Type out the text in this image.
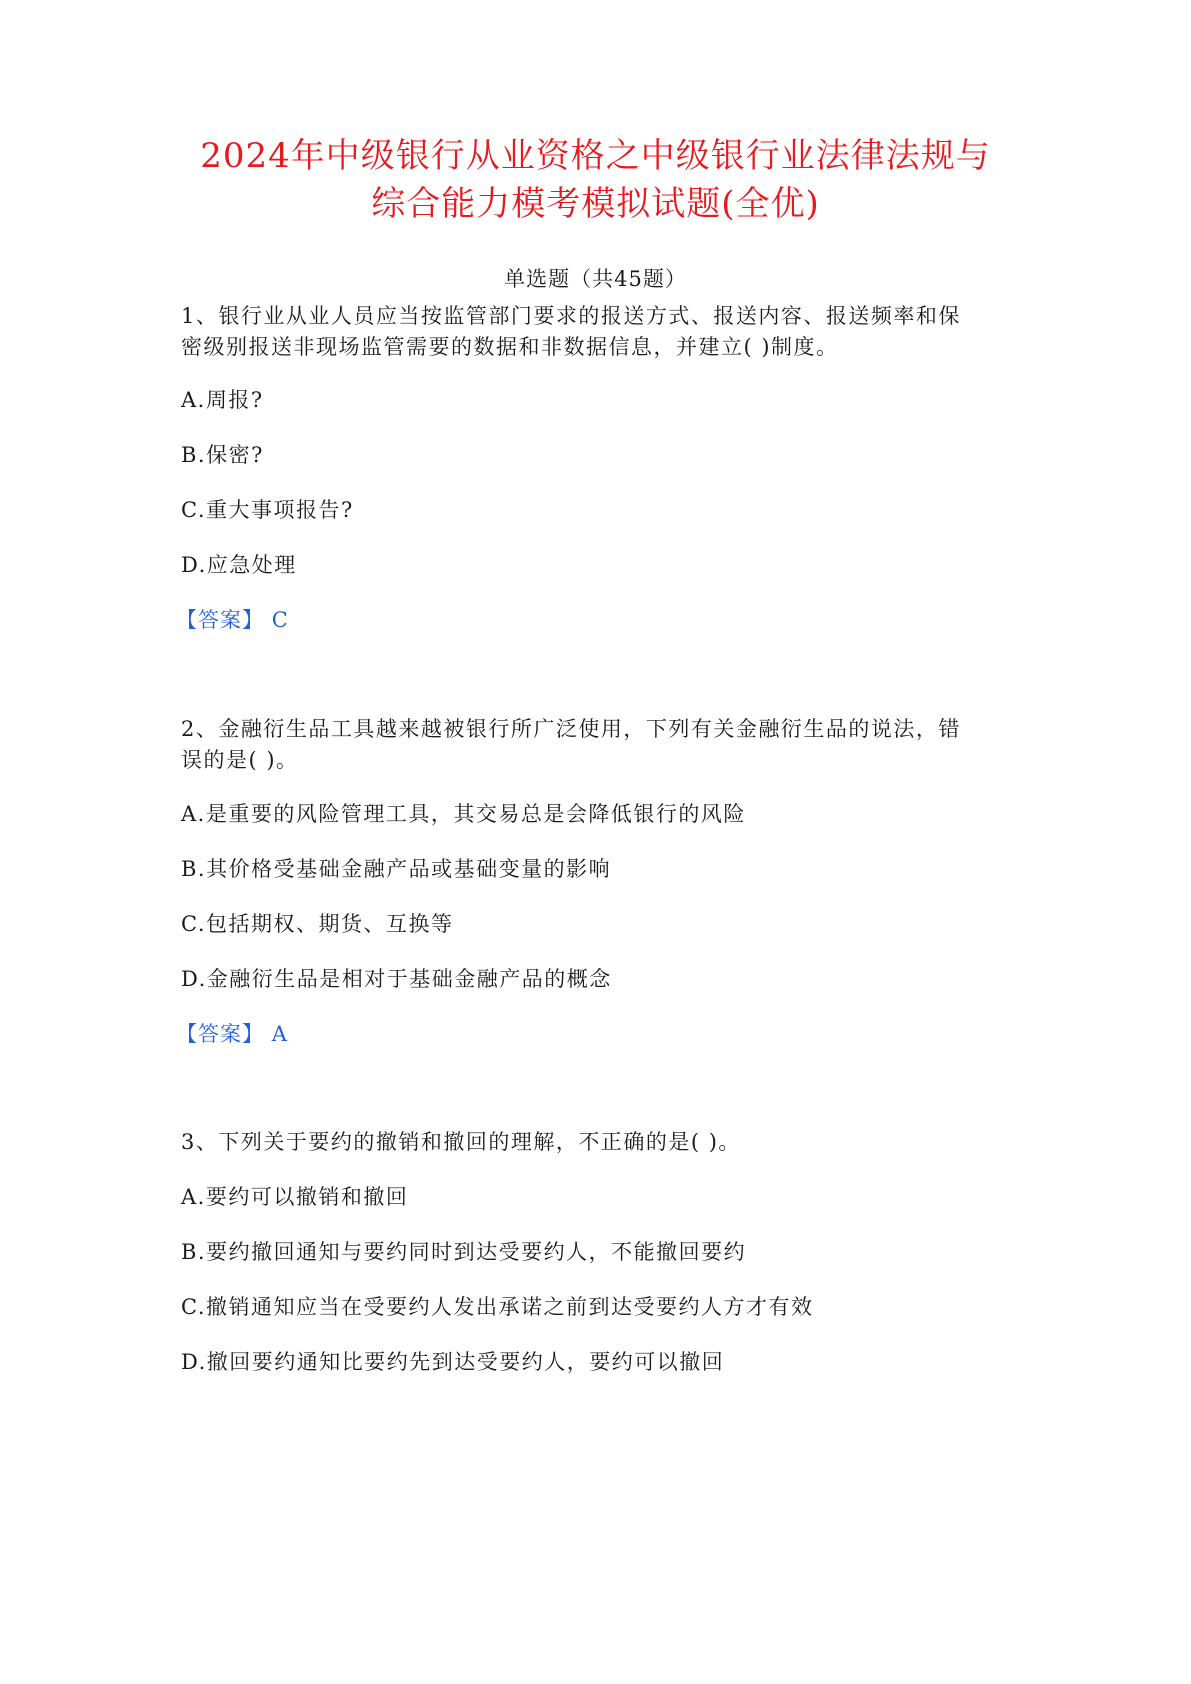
2024年中级银行从业资格之中级银行业法律法规与
综合能力模考模拟试题(全优)
单选题（共45题）
1、银行业从业人员应当按监管部门要求的报送方式、报送内容、报送频率和保
密级别报送非现场监管需要的数据和非数据信息，并建立( )制度。
A.周报?
B.保密?
C.重大事项报告?
D.应急处理
【答案】 C
2、金融衍生品工具越来越被银行所广泛使用，下列有关金融衍生品的说法，错
误的是( )。
A.是重要的风险管理工具，其交易总是会降低银行的风险
B.其价格受基础金融产品或基础变量的影响
C.包括期权、期货、互换等
D.金融衍生品是相对于基础金融产品的概念
【答案】 A
3、下列关于要约的撤销和撤回的理解，不正确的是( )。
A.要约可以撤销和撤回
B.要约撤回通知与要约同时到达受要约人，不能撤回要约
C.撤销通知应当在受要约人发出承诺之前到达受要约人方才有效
D.撤回要约通知比要约先到达受要约人，要约可以撤回
